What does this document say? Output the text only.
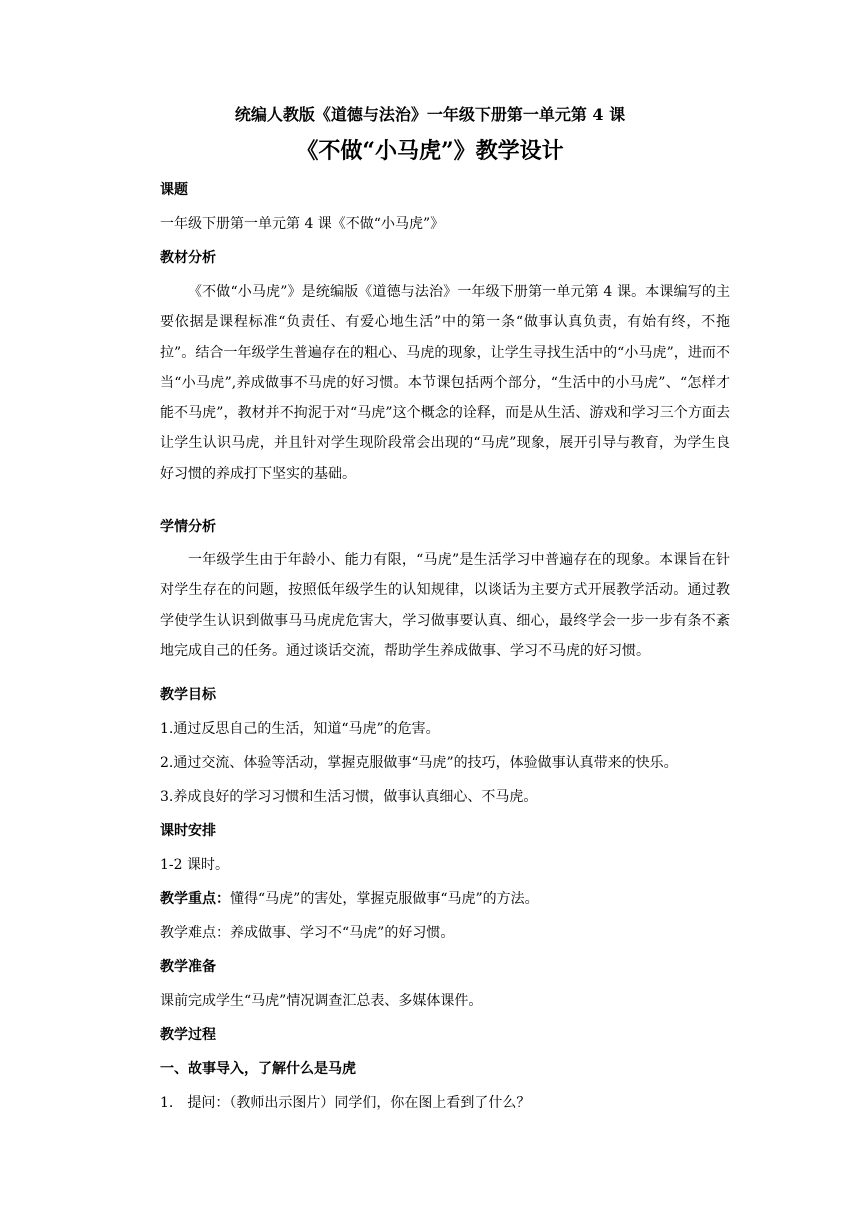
统编人教版《道德与法治》一年级下册第一单元第 4 课
《不做“小马虎”》教学设计
课题
一年级下册第一单元第 4 课《不做“小马虎”》
教材分析

《不做“小马虎”》是统编版《道德与法治》一年级下册第一单元第 4 课。本课编写的主要依据是课程标准“负责任、有爱心地生活”中的第一条“做事认真负责，有始有终，不拖拉”。结合一年级学生普遍存在的粗心、马虎的现象，让学生寻找生活中的“小马虎”，进而不当“小马虎”,养成做事不马虎的好习惯。本节课包括两个部分，“生活中的小马虎”、“怎样才能不马虎”，教材并不拘泥于对“马虎”这个概念的诠释，而是从生活、游戏和学习三个方面去让学生认识马虎，并且针对学生现阶段常会出现的“马虎”现象，展开引导与教育，为学生良好习惯的养成打下坚实的基础。

学情分析

一年级学生由于年龄小、能力有限，“马虎”是生活学习中普遍存在的现象。本课旨在针对学生存在的问题，按照低年级学生的认知规律，以谈话为主要方式开展教学活动。通过教学使学生认识到做事马马虎虎危害大，学习做事要认真、细心，最终学会一步一步有条不紊地完成自己的任务。通过谈话交流，帮助学生养成做事、学习不马虎的好习惯。

教学目标
1.通过反思自己的生活，知道“马虎”的危害。
2.通过交流、体验等活动，掌握克服做事“马虎”的技巧，体验做事认真带来的快乐。
3.养成良好的学习习惯和生活习惯，做事认真细心、不马虎。
课时安排
1-2 课时。
教学重点：懂得“马虎”的害处，掌握克服做事“马虎”的方法。
教学难点：养成做事、学习不“马虎”的好习惯。
教学准备
课前完成学生“马虎”情况调查汇总表、多媒体课件。
教学过程
一、故事导入，了解什么是马虎
1.　提问：（教师出示图片）同学们，你在图上看到了什么？
